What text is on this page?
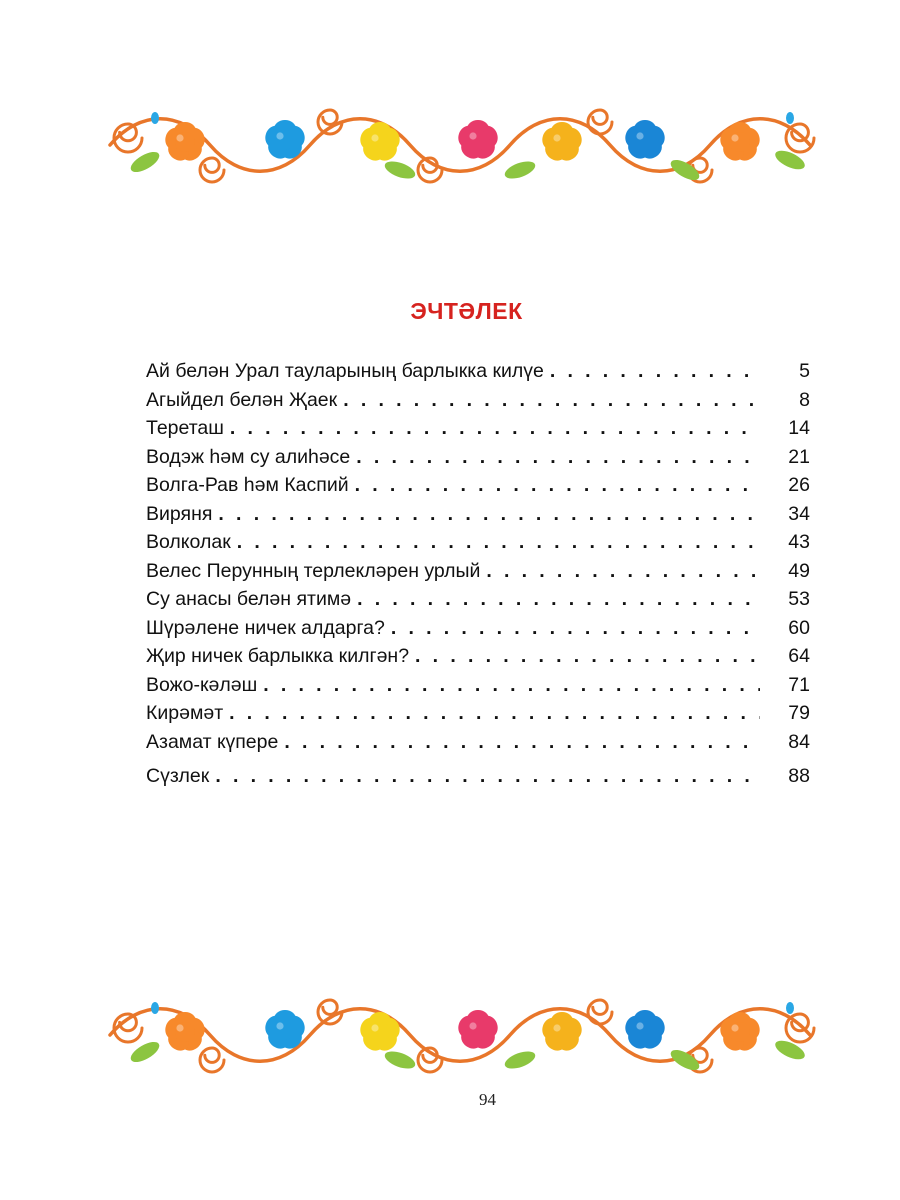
ЭЧТӘЛЕК
Ай белән Урал тауларының барлыкка килүе . . .	5
Агыйдел белән Җаек . . .	8
Тереташ . . .	14
Водэж һәм су алиһәсе . . .	21
Волга-Рав һәм Каспий . . .	26
Виряня . . .	34
Волколак . . .	43
Велес Перунның терлекләрен урлый . . .	49
Су анасы белән ятимә . . .	53
Шүрәлене ничек алдарга? . . .	60
Җир ничек барлыкка килгән? . . .	64
Вожо-кәләш . . .	71
Кирәмәт . . .	79
Азамат күпере . . .	84
Сүзлек . . .	88
94
